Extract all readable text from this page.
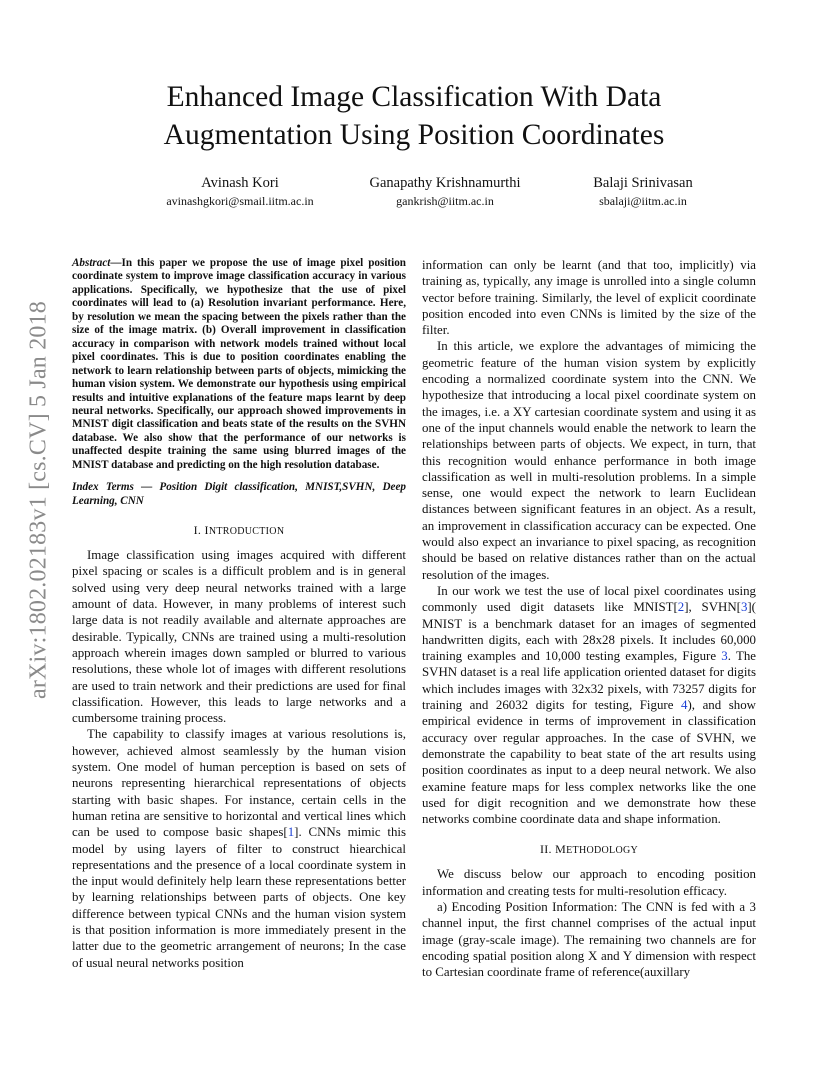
arXiv:1802.02183v1 [cs.CV] 5 Jan 2018
Enhanced Image Classification With Data
Augmentation Using Position Coordinates
Avinash Kori
avinashgkori@smail.iitm.ac.in
Ganapathy Krishnamurthi
gankrish@iitm.ac.in
Balaji Srinivasan
sbalaji@iitm.ac.in

Abstract—In this paper we propose the use of image pixel position coordinate system to improve image classification accuracy in various applications. Specifically, we hypothesize that the use of pixel coordinates will lead to (a) Resolution invariant performance. Here, by resolution we mean the spacing between the pixels rather than the size of the image matrix. (b) Overall improvement in classification accuracy in comparison with network models trained without local pixel coordinates. This is due to position coordinates enabling the network to learn relationship between parts of objects, mimicking the human vision system. We demonstrate our hypothesis using empirical results and intuitive explanations of the feature maps learnt by deep neural networks. Specifically, our approach showed improvements in MNIST digit classification and beats state of the results on the SVHN database. We also show that the performance of our networks is unaffected despite training the same using blurred images of the MNIST database and predicting on the high resolution database.

Index Terms — Position Digit classification, MNIST,SVHN, Deep Learning, CNN

I. INTRODUCTION

Image classification using images acquired with different pixel spacing or scales is a difficult problem and is in general solved using very deep neural networks trained with a large amount of data. However, in many problems of interest such large data is not readily available and alternate approaches are desirable. Typically, CNNs are trained using a multi-resolution approach wherein images down sampled or blurred to various resolutions, these whole lot of images with different resolutions are used to train network and their predictions are used for final classification. However, this leads to large networks and a cumbersome training process.

The capability to classify images at various resolutions is, however, achieved almost seamlessly by the human vision system. One model of human perception is based on sets of neurons representing hierarchical representations of objects starting with basic shapes. For instance, certain cells in the human retina are sensitive to horizontal and vertical lines which can be used to compose basic shapes[1]. CNNs mimic this model by using layers of filter to construct hiearchical representations and the presence of a local coordinate system in the input would definitely help learn these representations better by learning relationships between parts of objects. One key difference between typical CNNs and the human vision system is that position information is more immediately present in the latter due to the geometric arrangement of neurons; In the case of usual neural networks position

information can only be learnt (and that too, implicitly) via training as, typically, any image is unrolled into a single column vector before training. Similarly, the level of explicit coordinate position encoded into even CNNs is limited by the size of the filter.

In this article, we explore the advantages of mimicing the geometric feature of the human vision system by explicitly encoding a normalized coordinate system into the CNN. We hypothesize that introducing a local pixel coordinate system on the images, i.e. a XY cartesian coordinate system and using it as one of the input channels would enable the network to learn the relationships between parts of objects. We expect, in turn, that this recognition would enhance performance in both image classification as well in multi-resolution problems. In a simple sense, one would expect the network to learn Euclidean distances between significant features in an object. As a result, an improvement in classification accuracy can be expected. One would also expect an invariance to pixel spacing, as recognition should be based on relative distances rather than on the actual resolution of the images.

In our work we test the use of local pixel coordinates using commonly used digit datasets like MNIST[2], SVHN[3]( MNIST is a benchmark dataset for an images of segmented handwritten digits, each with 28x28 pixels. It includes 60,000 training examples and 10,000 testing examples, Figure 3. The SVHN dataset is a real life application oriented dataset for digits which includes images with 32x32 pixels, with 73257 digits for training and 26032 digits for testing, Figure 4), and show empirical evidence in terms of improvement in classification accuracy over regular approaches. In the case of SVHN, we demonstrate the capability to beat state of the art results using position coordinates as input to a deep neural network. We also examine feature maps for less complex networks like the one used for digit recognition and we demonstrate how these networks combine coordinate data and shape information.

II. METHODOLOGY

We discuss below our approach to encoding position information and creating tests for multi-resolution efficacy.

a) Encoding Position Information: The CNN is fed with a 3 channel input, the first channel comprises of the actual input image (gray-scale image). The remaining two channels are for encoding spatial position along X and Y dimension with respect to Cartesian coordinate frame of reference(auxillary
